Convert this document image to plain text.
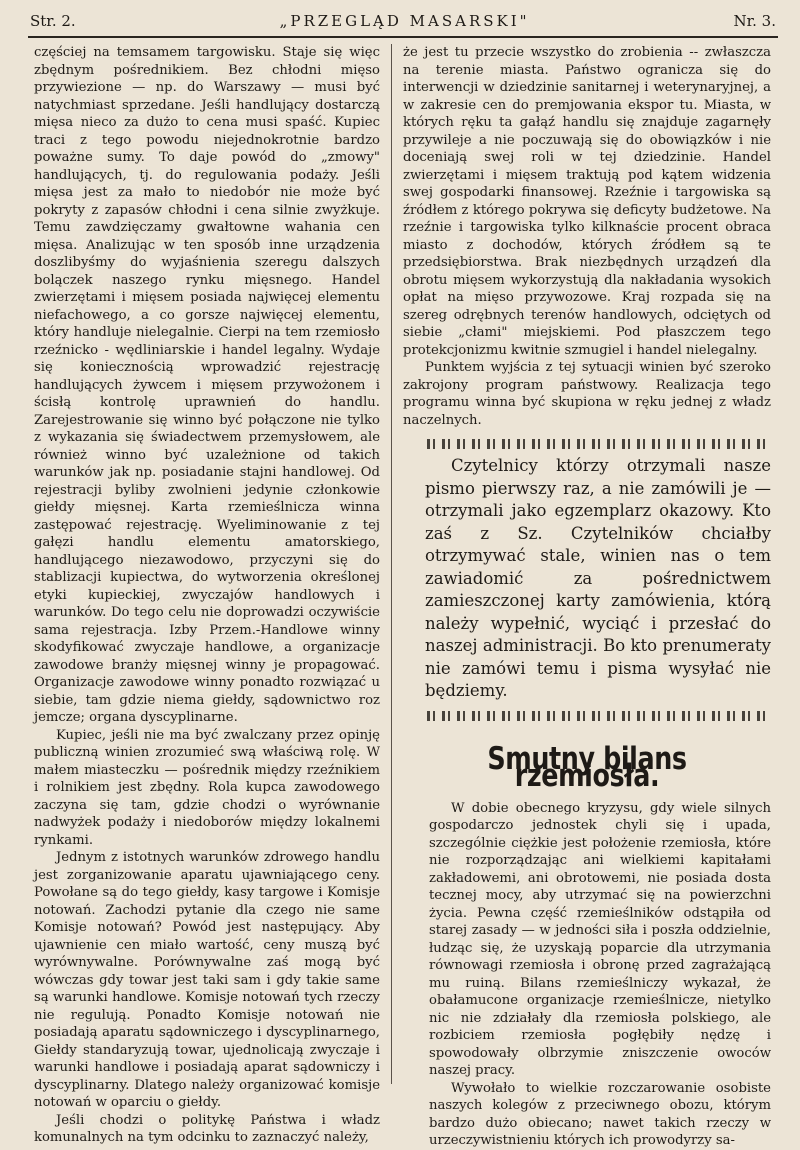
Str. 2.	„PRZEGLĄD MASARSKI"	Nr. 3.

częściej na temsamem targowisku. Staje się więc zbędnym pośrednikiem. Bez chłodni mięso przywiezione — np. do Warszawy — musi być natychmiast sprzedane. Jeśli handlujący dostarczą mięsa nieco za dużo to cena musi spaść. Kupiec traci z tego powodu niejednokrotnie bardzo poważne sumy. To daje powód do „zmowy" handlujących, tj. do regulowania podaży. Jeśli mięsa jest za mało to niedobór nie może być pokryty z zapasów chłodni i cena silnie zwyżkuje. Temu zawdzięczamy gwałtowne wahania cen mięsa. Analizując w ten sposób inne urządzenia doszlibyśmy do wyjaśnienia szeregu dalszych bolączek naszego rynku mięsnego. Handel zwierzętami i mięsem posiada najwięcej elementu niefachowego, a co gorsze najwięcej elementu, który handluje nielegalnie. Cierpi na tem rzemiosło rzeźnicko - wędliniarskie i handel legalny. Wydaje się koniecznością wprowadzić rejestrację handlujących żywcem i mięsem przywożonem i ścisłą kontrolę uprawnień do handlu. Zarejestrowanie się winno być połączone nie tylko z wykazania się świadectwem przemysłowem, ale również winno być uzależnione od takich warunków jak np. posiadanie stajni handlowej. Od rejestracji byliby zwolnieni jedynie członkowie giełdy mięsnej. Karta rzemieślnicza winna zastępować rejestrację. Wyeliminowanie z tej gałęzi handlu elementu amatorskiego, handlującego niezawodowo, przyczyni się do stablizacji kupiectwa, do wytworzenia określonej etyki kupieckiej, zwyczajów handlowych i warunków. Do tego celu nie doprowadzi oczywiście sama rejestracja. Izby Przem.-Handlowe winny skodyfikować zwyczaje handlowe, a organizacje zawodowe branży mięsnej winny je propagować. Organizacje zawodowe winny ponadto rozwiązać u siebie, tam gdzie niema giełdy, sądownictwo roz jemcze; organa dyscyplinarne.

Kupiec, jeśli nie ma być zwalczany przez opinję publiczną winien zrozumieć swą właściwą rolę. W małem miasteczku — pośrednik między rzeźnikiem i rolnikiem jest zbędny. Rola kupca zawodowego zaczyna się tam, gdzie chodzi o wyrównanie nadwyżek podaży i niedoborów między lokalnemi rynkami.

Jednym z istotnych warunków zdrowego handlu jest zorganizowanie aparatu ujawniającego ceny. Powołane są do tego giełdy, kasy targowe i Komisje notowań. Zachodzi pytanie dla czego nie same Komisje notowań? Powód jest następujący. Aby ujawnienie cen miało wartość, ceny muszą być wyrównywalne. Porównywalne zaś mogą być wówczas gdy towar jest taki sam i gdy takie same są warunki handlowe. Komisje notowań tych rzeczy nie regulują. Ponadto Komisje notowań nie posiadają aparatu sądowniczego i dyscyplinarnego, Giełdy standaryzują towar, ujednolicają zwyczaje i warunki handlowe i posiadają aparat sądowniczy i dyscyplinarny. Dlatego należy organizować komisje notowań w oparciu o giełdy.

Jeśli chodzi o politykę Państwa i władz komunalnych na tym odcinku to zaznaczyć należy,

że jest tu przecie wszystko do zrobienia -- zwłaszcza na terenie miasta. Państwo ogranicza się do interwencji w dziedzinie sanitarnej i weterynaryjnej, a w zakresie cen do premjowania ekspor tu. Miasta, w których ręku ta gałąź handlu się znajduje zagarnęły przywileje a nie poczuwają się do obowiązków i nie doceniają swej roli w tej dziedzinie. Handel zwierzętami i mięsem traktują pod kątem widzenia swej gospodarki finansowej. Rzeźnie i targowiska są źródłem z którego pokrywa się deficyty budżetowe. Na rzeźnie i targowiska tylko kilknaście procent obraca miasto z dochodów, których źródłem są te przedsiębiorstwa. Brak niezbędnych urządzeń dla obrotu mięsem wykorzystują dla nakładania wysokich opłat na mięso przywozowe. Kraj rozpada się na szereg odrębnych terenów handlowych, odciętych od siebie „cłami" miejskiemi. Pod płaszczem tego protekcjonizmu kwitnie szmugiel i handel nielegalny.

Punktem wyjścia z tej sytuacji winien być szeroko zakrojony program państwowy. Realizacja tego programu winna być skupiona w ręku jednej z władz naczelnych.

Czytelnicy którzy otrzymali nasze pismo pierwszy raz, a nie zamówili je — otrzymali jako egzemplarz okazowy. Kto zaś z Sz. Czytelników chciałby otrzymywać stale, winien nas o tem zawiadomić za pośrednictwem zamieszczonej karty zamówienia, którą należy wypełnić, wyciąć i przesłać do naszej administracji. Bo kto prenumeraty nie zamówi temu i pisma wysyłać nie będziemy.

Smutny bilans rzemiosła.

W dobie obecnego kryzysu, gdy wiele silnych gospodarczo jednostek chyli się i upada, szczególnie ciężkie jest położenie rzemiosła, które nie rozporządzając ani wielkiemi kapitałami zakładowemi, ani obrotowemi, nie posiada dosta tecznej mocy, aby utrzymać się na powierzchni życia. Pewna część rzemieślników odstąpiła od starej zasady — w jedności siła i poszła oddzielnie, łudząc się, że uzyskają poparcie dla utrzymania równowagi rzemiosła i obronę przed zagrażającą mu ruiną. Bilans rzemieślniczy wykazał, że obałamucone organizacje rzemieślnicze, nietylko nic nie zdziałały dla rzemiosła polskiego, ale rozbiciem rzemiosła pogłębiły nędzę i spowodowały olbrzymie zniszczenie owoców naszej pracy.

Wywołało to wielkie rozczarowanie osobiste naszych kolegów z przeciwnego obozu, którym bardzo dużo obiecano; nawet takich rzeczy w urzeczywistnieniu których ich prowodyrzy sa-
